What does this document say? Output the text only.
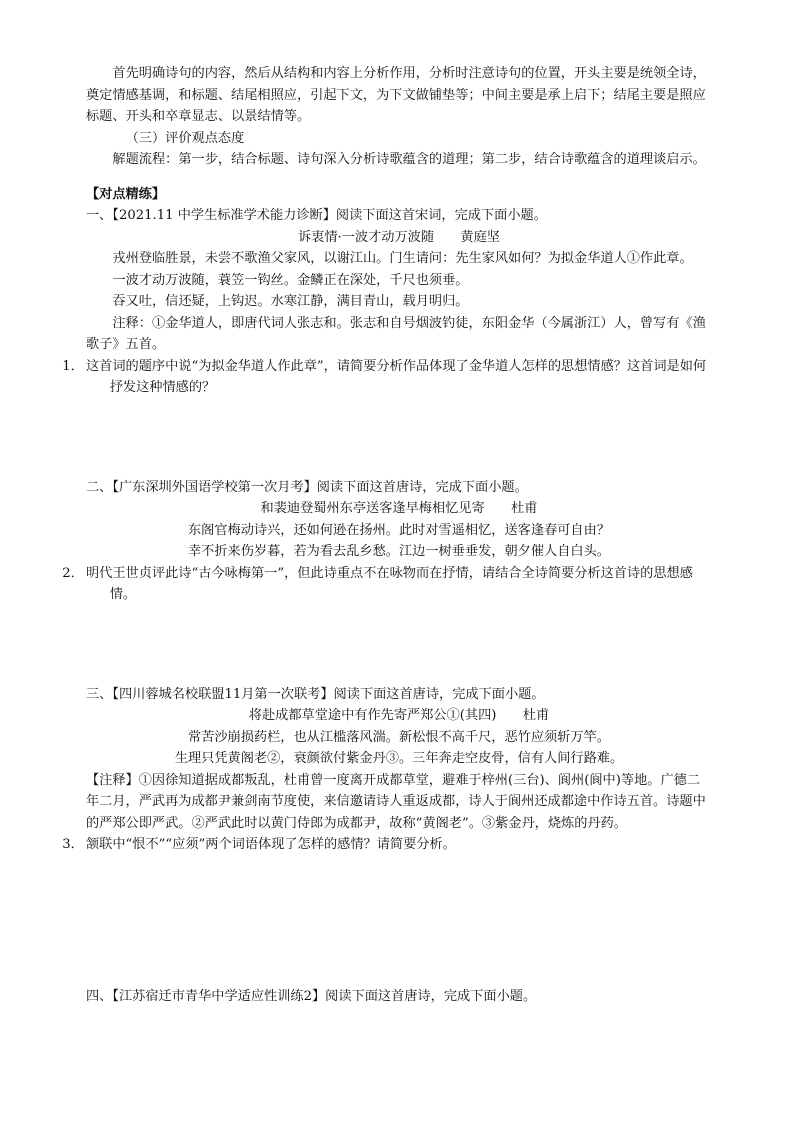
首先明确诗句的内容，然后从结构和内容上分析作用，分析时注意诗句的位置，开头主要是统领全诗，奠定情感基调，和标题、结尾相照应，引起下文，为下文做铺垫等；中间主要是承上启下；结尾主要是照应标题、开头和卒章显志、以景结情等。

（三）评价观点态度

解题流程：第一步，结合标题、诗句深入分析诗歌蕴含的道理；第二步，结合诗歌蕴含的道理谈启示。

【对点精练】

一、【2021.11 中学生标准学术能力诊断】阅读下面这首宋词，完成下面小题。

诉衷情·一波才动万波随　　黄庭坚

戎州登临胜景，未尝不歌渔父家风，以谢江山。门生请问：先生家风如何？为拟金华道人①作此章。

一波才动万波随，蓑笠一钩丝。金鳞正在深处，千尺也须垂。

吞又吐，信还疑，上钩迟。水寒江静，满目青山，载月明归。

注释：①金华道人，即唐代词人张志和。张志和自号烟波钓徒，东阳金华（今属浙江）人，曾写有《渔歌子》五首。

1． 这首词的题序中说“为拟金华道人作此章”，请简要分析作品体现了金华道人怎样的思想情感？这首词是如何抒发这种情感的？

二、【广东深圳外国语学校第一次月考】阅读下面这首唐诗，完成下面小题。

和裴迪登蜀州东亭送客逢早梅相忆见寄　　杜甫

东阁官梅动诗兴，还如何逊在扬州。此时对雪遥相忆，送客逢春可自由？

幸不折来伤岁暮，若为看去乱乡愁。江边一树垂垂发，朝夕催人自白头。

2． 明代王世贞评此诗“古今咏梅第一”，但此诗重点不在咏物而在抒情，请结合全诗简要分析这首诗的思想感情。

三、【四川蓉城名校联盟11月第一次联考】阅读下面这首唐诗，完成下面小题。

将赴成都草堂途中有作先寄严郑公①(其四)　　杜甫

常苦沙崩损药栏，也从江槛落风湍。新松恨不高千尺，恶竹应须斩万竿。

生理只凭黄阁老②，衰颜欲付紫金丹③。三年奔走空皮骨，信有人间行路难。

【注释】①因徐知道据成都叛乱，杜甫曾一度离开成都草堂，避难于梓州(三台)、阆州(阆中)等地。广德二年二月，严武再为成都尹兼剑南节度使，来信邀请诗人重返成都，诗人于阆州还成都途中作诗五首。诗题中的严郑公即严武。②严武此时以黄门侍郎为成都尹，故称“黄阁老”。③紫金丹，烧炼的丹药。

3． 颔联中“恨不”“应须”两个词语体现了怎样的感情？请简要分析。

四、【江苏宿迁市青华中学适应性训练2】阅读下面这首唐诗，完成下面小题。
